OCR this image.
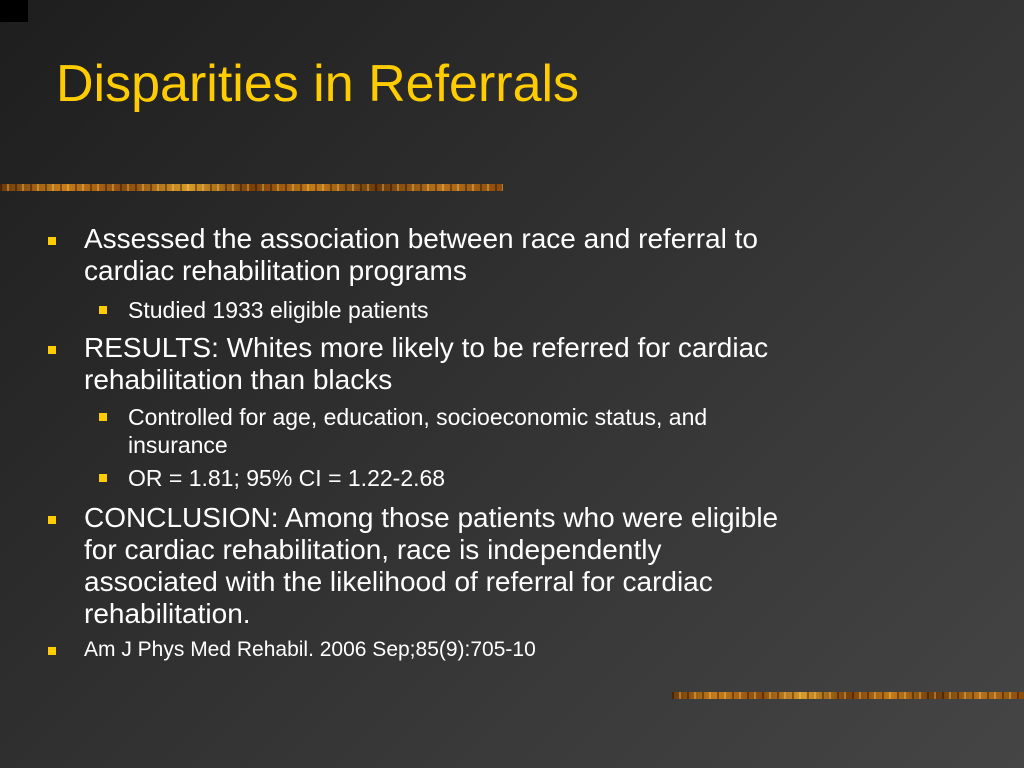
Disparities in Referrals
Assessed the association between race and referral to
cardiac rehabilitation programs
Studied 1933 eligible patients
RESULTS: Whites more likely to be referred for cardiac
rehabilitation than blacks
Controlled for age, education, socioeconomic status, and
insurance
OR = 1.81; 95% CI = 1.22-2.68
CONCLUSION: Among those patients who were eligible
for cardiac rehabilitation, race is independently
associated with the likelihood of referral for cardiac
rehabilitation.
Am J Phys Med Rehabil. 2006 Sep;85(9):705-10
